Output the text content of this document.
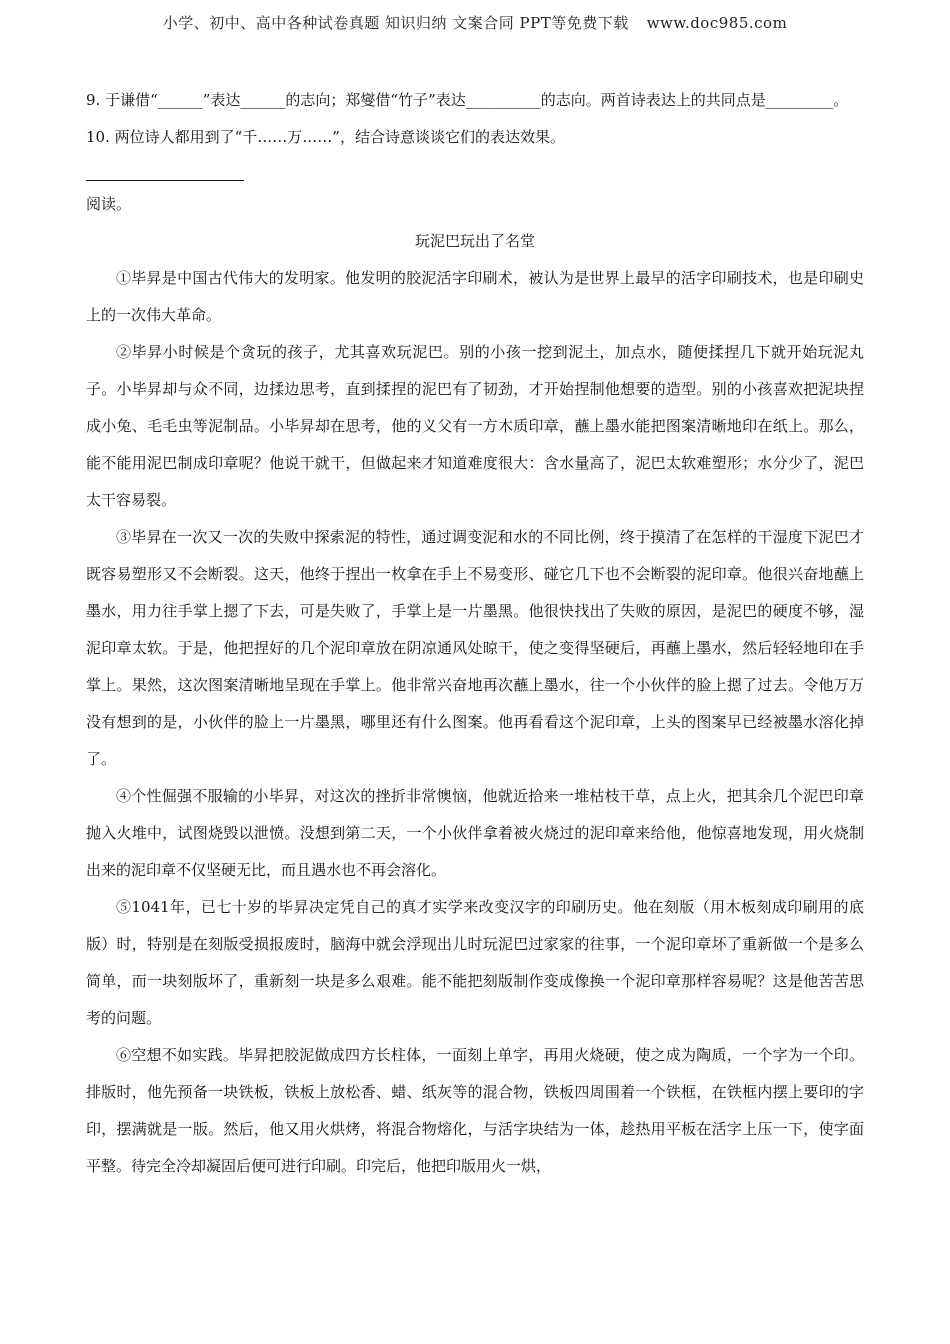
小学、初中、高中各种试卷真题 知识归纳 文案合同 PPT等免费下载 www.doc985.com

9. 于谦借“______”表达______的志向；郑燮借“竹子”表达__________的志向。两首诗表达上的共同点是_________。

10. 两位诗人都用到了“千……万……”，结合诗意谈谈它们的表达效果。

阅读。

玩泥巴玩出了名堂

①毕昇是中国古代伟大的发明家。他发明的胶泥活字印刷术，被认为是世界上最早的活字印刷技术，也是印刷史上的一次伟大革命。

②毕昇小时候是个贪玩的孩子，尤其喜欢玩泥巴。别的小孩一挖到泥土，加点水，随便揉捏几下就开始玩泥丸子。小毕昇却与众不同，边揉边思考，直到揉捏的泥巴有了韧劲，才开始捏制他想要的造型。别的小孩喜欢把泥块捏成小兔、毛毛虫等泥制品。小毕昇却在思考，他的义父有一方木质印章，蘸上墨水能把图案清晰地印在纸上。那么，能不能用泥巴制成印章呢？他说干就干，但做起来才知道难度很大：含水量高了，泥巴太软难塑形；水分少了，泥巴太干容易裂。

③毕昇在一次又一次的失败中探索泥的特性，通过调变泥和水的不同比例，终于摸清了在怎样的干湿度下泥巴才既容易塑形又不会断裂。这天，他终于捏出一枚拿在手上不易变形、碰它几下也不会断裂的泥印章。他很兴奋地蘸上墨水，用力往手掌上摁了下去，可是失败了，手掌上是一片墨黑。他很快找出了失败的原因，是泥巴的硬度不够，湿泥印章太软。于是，他把捏好的几个泥印章放在阴凉通风处晾干，使之变得坚硬后，再蘸上墨水，然后轻轻地印在手掌上。果然，这次图案清晰地呈现在手掌上。他非常兴奋地再次蘸上墨水，往一个小伙伴的脸上摁了过去。令他万万没有想到的是，小伙伴的脸上一片墨黑，哪里还有什么图案。他再看看这个泥印章，上头的图案早已经被墨水溶化掉了。

④个性倔强不服输的小毕昇，对这次的挫折非常懊恼，他就近拾来一堆枯枝干草，点上火，把其余几个泥巴印章抛入火堆中，试图烧毁以泄愤。没想到第二天，一个小伙伴拿着被火烧过的泥印章来给他，他惊喜地发现，用火烧制出来的泥印章不仅坚硬无比，而且遇水也不再会溶化。

⑤1041年，已七十岁的毕昇决定凭自己的真才实学来改变汉字的印刷历史。他在刻版（用木板刻成印刷用的底版）时，特别是在刻版受损报废时，脑海中就会浮现出儿时玩泥巴过家家的往事，一个泥印章坏了重新做一个是多么简单，而一块刻版坏了，重新刻一块是多么艰难。能不能把刻版制作变成像换一个泥印章那样容易呢？这是他苦苦思考的问题。

⑥空想不如实践。毕昇把胶泥做成四方长柱体，一面刻上单字，再用火烧硬，使之成为陶质，一个字为一个印。排版时，他先预备一块铁板，铁板上放松香、蜡、纸灰等的混合物，铁板四周围着一个铁框，在铁框内摆上要印的字印，摆满就是一版。然后，他又用火烘烤，将混合物熔化，与活字块结为一体，趁热用平板在活字上压一下，使字面平整。待完全冷却凝固后便可进行印刷。印完后，他把印版用火一烘，
